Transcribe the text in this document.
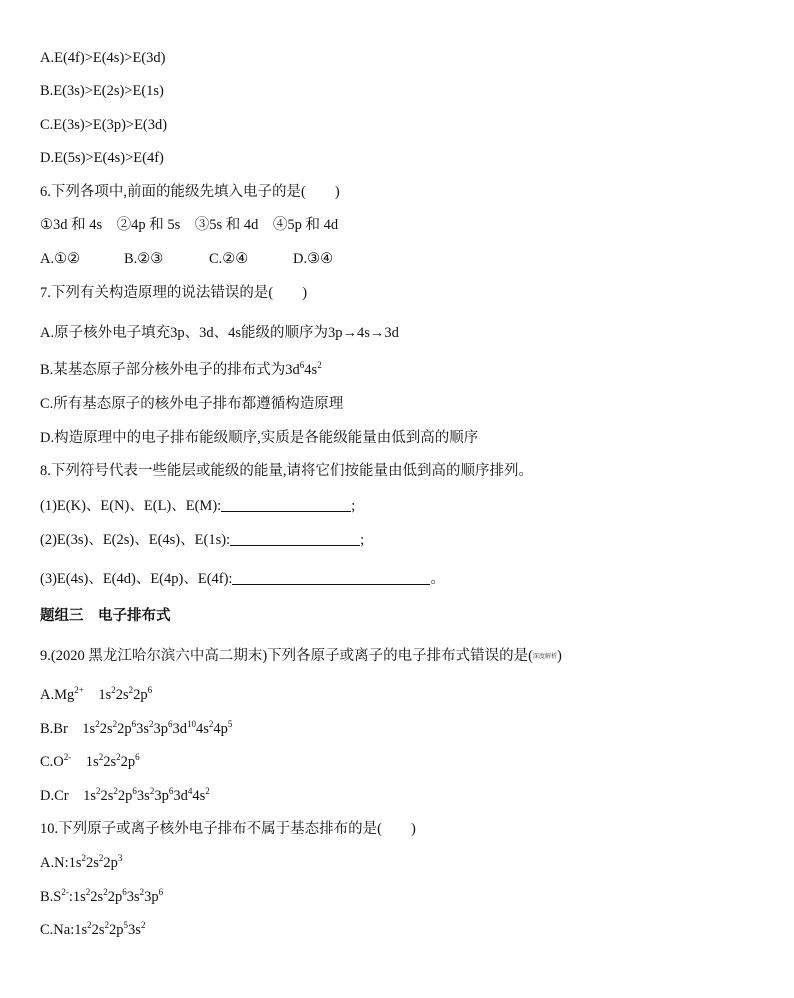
A.E(4f)>E(4s)>E(3d)
B.E(3s)>E(2s)>E(1s)
C.E(3s)>E(3p)>E(3d)
D.E(5s)>E(4s)>E(4f)
6.下列各项中,前面的能级先填入电子的是(　　)
①3d 和 4s　②4p 和 5s　③5s 和 4d　④5p 和 4d
A.①②	B.②③	C.②④	D.③④
7.下列有关构造原理的说法错误的是(　　)
A.原子核外电子填充3p、3d、4s能级的顺序为3p→4s→3d
B.某基态原子部分核外电子的排布式为$3d^64s^2$
C.所有基态原子的核外电子排布都遵循构造原理
D.构造原理中的电子排布能级顺序,实质是各能级能量由低到高的顺序
8.下列符号代表一些能层或能级的能量,请将它们按能量由低到高的顺序排列。
(1)E(K)、E(N)、E(L)、E(M):	;
(2)E(3s)、E(2s)、E(4s)、E(1s):	;
(3)E(4s)、E(4d)、E(4p)、E(4f):	。
题组三　电子排布式
9.(2020 黑龙江哈尔滨六中高二期末)下列各原子或离子的电子排布式错误的是(深度解析)
$A.Mg^{2+}$ $1s^22s^22p^6$
B.Br $1s^22s^22p^63s^23p^63d^{10}4s^24p^5$
$C.O^{2-}$ $1s^22s^22p^6$
D.Cr $1s^22s^22p^63s^23p^63d^44s^2$
10.下列原子或离子核外电子排布不属于基态排布的是(　　)
$A.N:1s^22s^22p^3$
$B.S^{2-}:1s^22s^22p^63s^23p^6$
$C.Na:1s^22s^22p^53s^2$
